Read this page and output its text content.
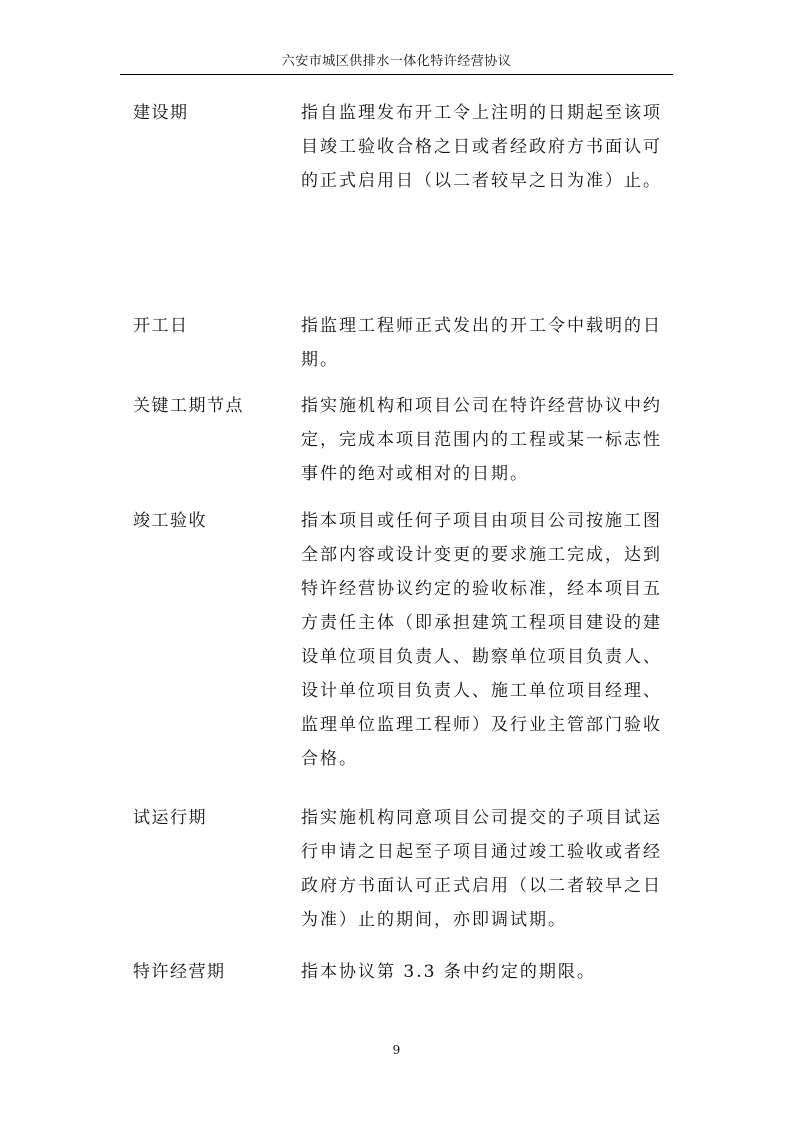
六安市城区供排水一体化特许经营协议
建设期	指自监理发布开工令上注明的日期起至该项
目竣工验收合格之日或者经政府方书面认可
的正式启用日（以二者较早之日为准）止。
开工日	指监理工程师正式发出的开工令中载明的日
期。
关键工期节点	指实施机构和项目公司在特许经营协议中约
定，完成本项目范围内的工程或某一标志性
事件的绝对或相对的日期。
竣工验收	指本项目或任何子项目由项目公司按施工图
全部内容或设计变更的要求施工完成，达到
特许经营协议约定的验收标准，经本项目五
方责任主体（即承担建筑工程项目建设的建
设单位项目负责人、勘察单位项目负责人、
设计单位项目负责人、施工单位项目经理、
监理单位监理工程师）及行业主管部门验收
合格。
试运行期	指实施机构同意项目公司提交的子项目试运
行申请之日起至子项目通过竣工验收或者经
政府方书面认可正式启用（以二者较早之日
为准）止的期间，亦即调试期。
特许经营期	指本协议第 3.3 条中约定的期限。
9
